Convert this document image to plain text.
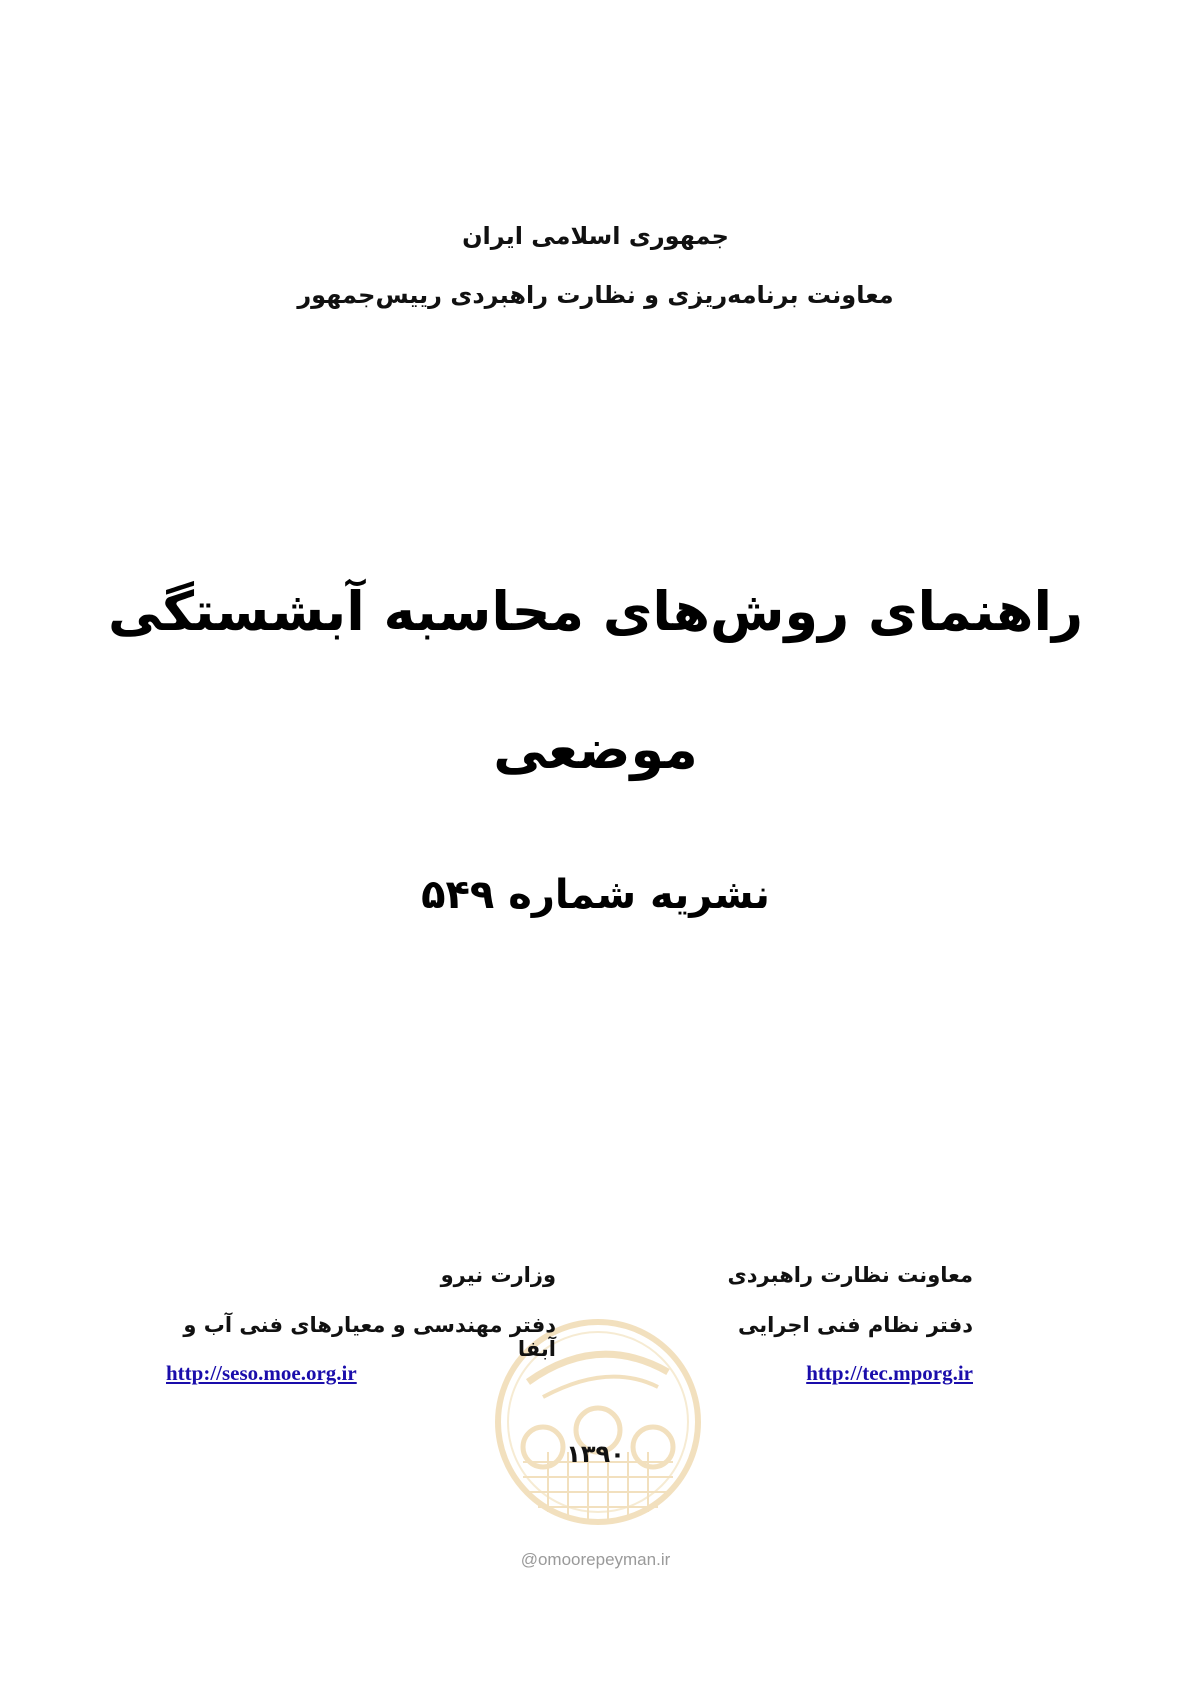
جمهوری اسلامی ایران
معاونت برنامه‌ریزی و نظارت راهبردی رییس‌جمهور
راهنمای روش‌های محاسبه آبشستگی
موضعی
نشریه شماره ۵۴۹
معاونت نظارت راهبردی
دفتر نظام فنی اجرایی
http://tec.mporg.ir
وزارت نیرو
دفتر مهندسی و معیارهای فنی آب و آبفا
http://seso.moe.org.ir
۱۳۹۰
@omoorepeyman.ir
